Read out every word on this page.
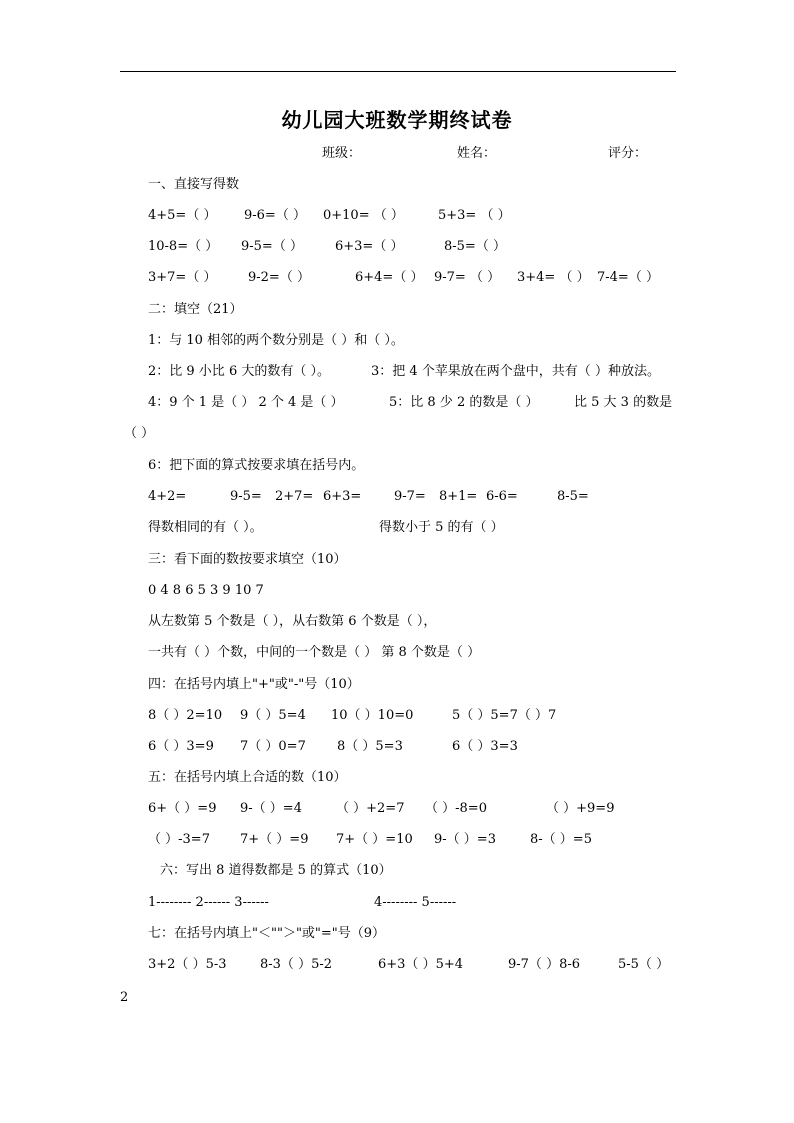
幼儿园大班数学期终试卷
班级：	姓名：	评分：
一、直接写得数
4+5=（ ） 9-6=（ ） 0+10= （ ）	5+3= （ ）
10-8=（ ） 9-5=（ ） 6+3=（ ）	8-5=（ ）
3+7=（ ） 9-2=（ ）	6+4=（ ） 9-7= （ ） 3+4= （ ） 7-4=（ ）
二：填空（21）
1：与 10 相邻的两个数分别是（ ）和（ ）。
2：比 9 小比 6 大的数有（ ）。	3：把 4 个苹果放在两个盘中，共有（ ）种放法。
4：9 个 1 是（ ） 2 个 4 是（ ）	5：比 8 少 2 的数是（ ）	比 5 大 3 的数是
（ ）
6：把下面的算式按要求填在括号内。
4+2=	9-5= 2+7= 6+3=	9-7= 8+1= 6-6=	8-5=
得数相同的有（ ）。	得数小于 5 的有（ ）
三：看下面的数按要求填空（10）
0 4 8 6 5 3 9 10 7
从左数第 5 个数是（ ），从右数第 6 个数是（ ），
一共有（ ）个数，中间的一个数是（ ） 第 8 个数是（ ）
四：在括号内填上"+"或"-"号（10）
8（ ）2=10 9（ ）5=4 10（ ）10=0	5（ ）5=7（ ）7
6（ ）3=9 7（ ）0=7 8（ ）5=3	6（ ）3=3
五：在括号内填上合适的数（10）
6+（ ）=9 9-（ ）=4	（ ）+2=7 （ ）-8=0	（ ）+9=9
（ ）-3=7 7+（ ）=9 7+（ ）=10 9-（ ）=3	8-（ ）=5
六：写出 8 道得数都是 5 的算式（10）
1-------- 2------ 3------	4-------- 5------
七：在括号内填上"＜""＞"或"="号（9）
3+2（ ）5-3	8-3（ ）5-2	6+3（ ）5+4	9-7（ ）8-6	5-5（ ）
2
